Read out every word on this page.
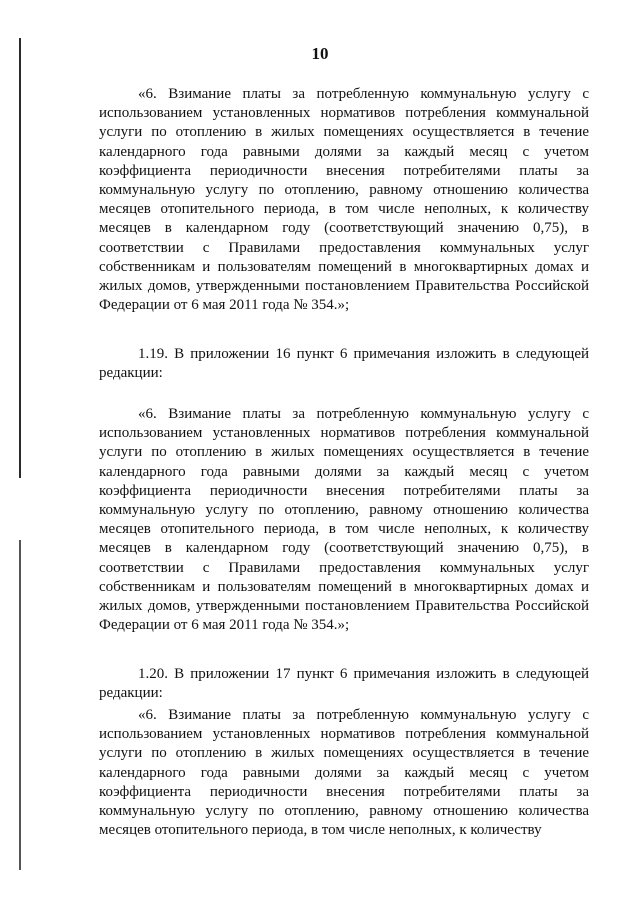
10

«6. Взимание платы за потребленную коммунальную услугу с использованием установленных нормативов потребления коммунальной услуги по отоплению в жилых помещениях осуществляется в течение календарного года равными долями за каждый месяц с учетом коэффициента периодичности внесения потребителями платы за коммунальную услугу по отоплению, равному отношению количества месяцев отопительного периода, в том числе неполных, к количеству месяцев в календарном году (соответствующий значению 0,75), в соответствии с Правилами предоставления коммунальных услуг собственникам и пользователям помещений в многоквартирных домах и жилых домов, утвержденными постановлением Правительства Российской Федерации от 6 мая 2011 года № 354.»;

1.19. В приложении 16 пункт 6 примечания изложить в следующей редакции:

«6. Взимание платы за потребленную коммунальную услугу с использованием установленных нормативов потребления коммунальной услуги по отоплению в жилых помещениях осуществляется в течение календарного года равными долями за каждый месяц с учетом коэффициента периодичности внесения потребителями платы за коммунальную услугу по отоплению, равному отношению количества месяцев отопительного периода, в том числе неполных, к количеству месяцев в календарном году (соответствующий значению 0,75), в соответствии с Правилами предоставления коммунальных услуг собственникам и пользователям помещений в многоквартирных домах и жилых домов, утвержденными постановлением Правительства Российской Федерации от 6 мая 2011 года № 354.»;

1.20. В приложении 17 пункт 6 примечания изложить в следующей редакции:

«6. Взимание платы за потребленную коммунальную услугу с использованием установленных нормативов потребления коммунальной услуги по отоплению в жилых помещениях осуществляется в течение календарного года равными долями за каждый месяц с учетом коэффициента периодичности внесения потребителями платы за коммунальную услугу по отоплению, равному отношению количества месяцев отопительного периода, в том числе неполных, к количеству
